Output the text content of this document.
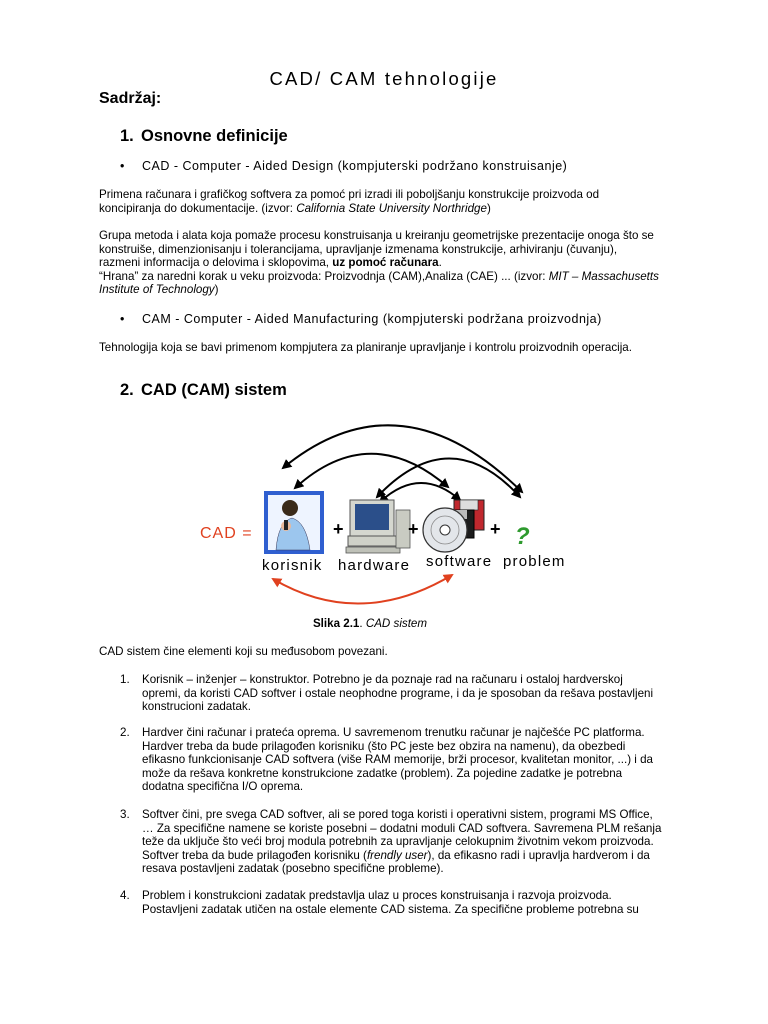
CAD/ CAM tehnologije
Sadržaj:
1. Osnovne definicije
• CAD - Computer - Aided Design (kompjuterski podržano konstruisanje)
Primena računara i grafičkog softvera za pomoć pri izradi ili poboljšanju konstrukcije proizvoda od koncipiranja do dokumentacije. (izvor: California State University Northridge)
Grupa metoda i alata koja pomaže procesu konstruisanja u kreiranju geometrijske prezentacije onoga što se konstruiše, dimenzionisanju i tolerancijama, upravljanje izmenama konstrukcije, arhiviranju (čuvanju), razmeni informacija o delovima i sklopovima, uz pomoć računara.
“Hrana” za naredni korak u veku proizvoda: Proizvodnja (CAM),Analiza (CAE) ... (izvor: MIT – Massachusetts Institute of Technology)
• CAM - Computer - Aided Manufacturing (kompjuterski podržana proizvodnja)
Tehnologija koja se bavi primenom kompjutera za planiranje upravljanje i kontrolu proizvodnih operacija.
2. CAD (CAM) sistem
CAD =	+	+	+ ?
korisnik hardware software problem
Slika 2.1. CAD sistem
CAD sistem čine elementi koji su međusobom povezani.
1. Korisnik – inženjer – konstruktor. Potrebno je da poznaje rad na računaru i ostaloj hardverskoj opremi, da koristi CAD softver i ostale neophodne programe, i da je sposoban da rešava postavljeni konstrucioni zadatak.
2. Hardver čini računar i prateća oprema. U savremenom trenutku računar je najčešće PC platforma. Hardver treba da bude prilagođen korisniku (što PC jeste bez obzira na namenu), da obezbedi efikasno funkcionisanje CAD softvera (više RAM memorije, brži procesor, kvalitetan monitor, ...) i da može da rešava konkretne konstrukcione zadatke (problem). Za pojedine zadatke je potrebna dodatna specifična I/O oprema.
3. Softver čini, pre svega CAD softver, ali se pored toga koristi i operativni sistem, programi MS Office, … Za specifične namene se koriste posebni – dodatni moduli CAD softvera. Savremena PLM rešanja teže da uključe što veći broj modula potrebnih za upravljanje celokupnim životnim vekom proizvoda. Softver treba da bude prilagođen korisniku (frendly user), da efikasno radi i upravlja hardverom i da resava postavljeni zadatak (posebno specifične probleme).
4. Problem i konstrukcioni zadatak predstavlja ulaz u proces konstruisanja i razvoja proizvoda. Postavljeni zadatak utičen na ostale elemente CAD sistema. Za specifične probleme potrebna su
